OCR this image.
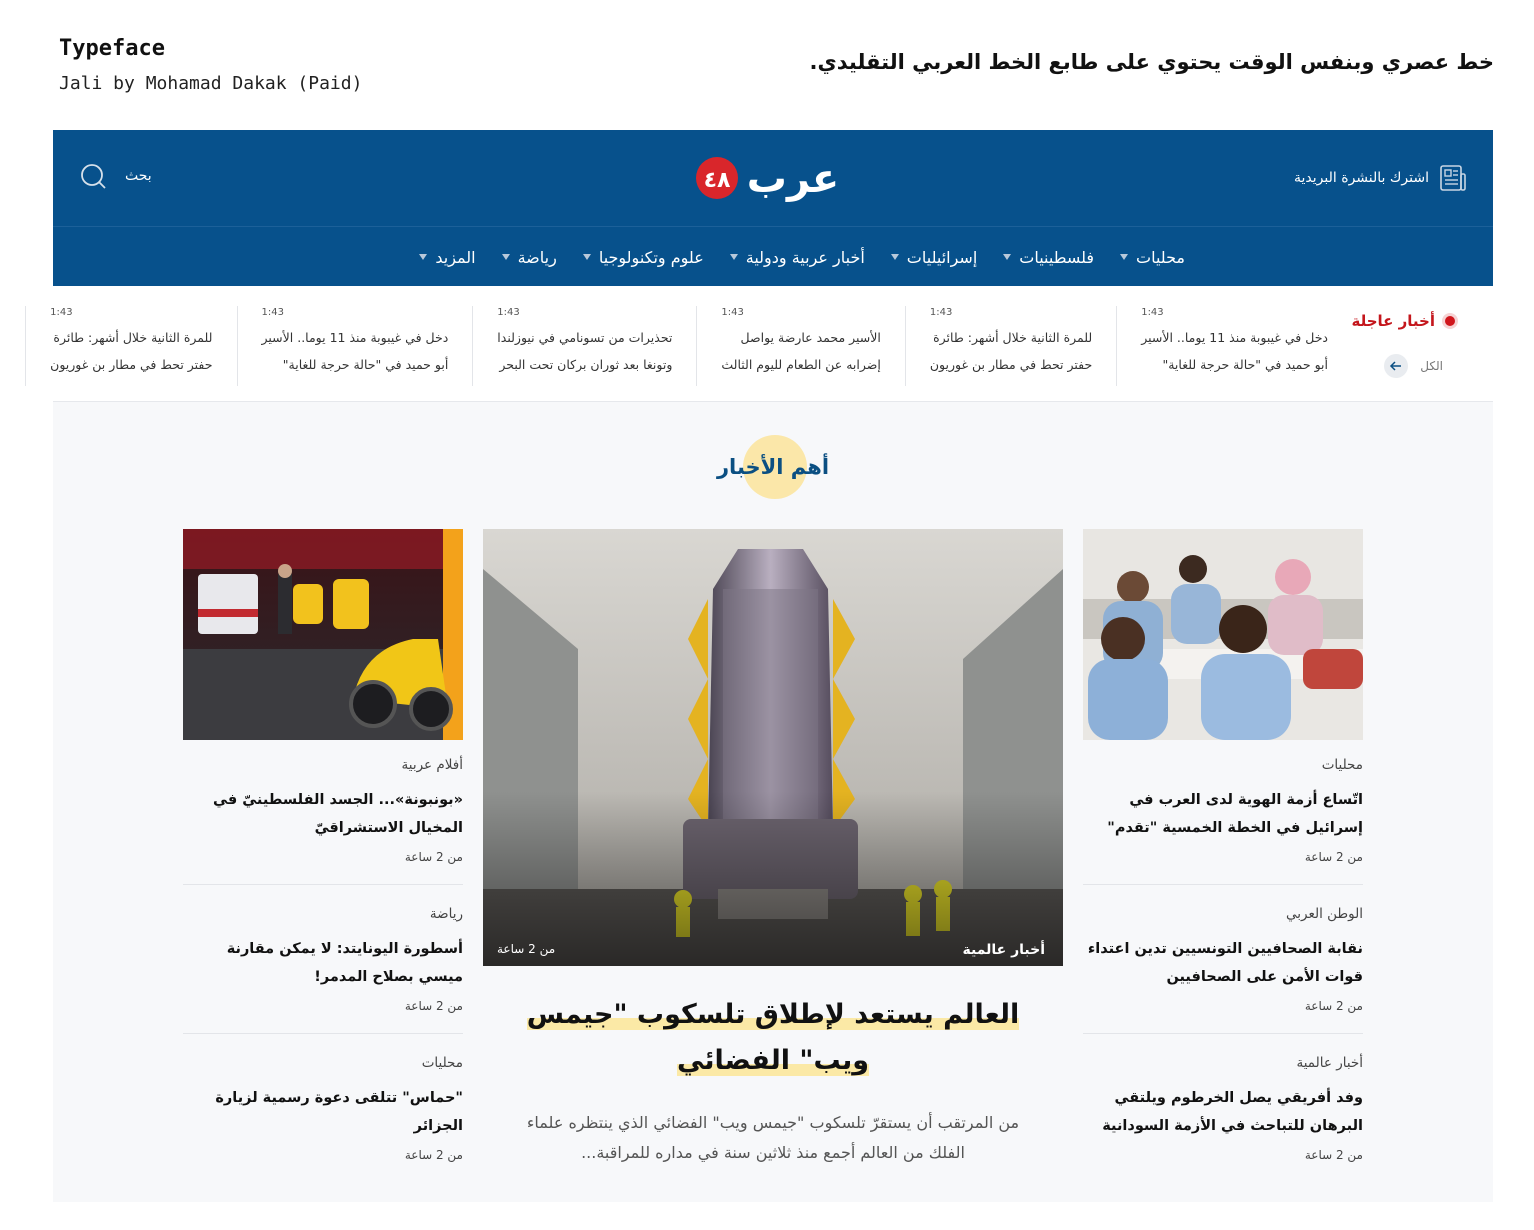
Typeface
Jali by Mohamad Dakak (Paid)
خط عصري وبنفس الوقت يحتوي على طابع الخط العربي التقليدي.
اشترك بالنشرة البريدية
٤٨ عرب
بحث
محليات
فلسطينيات
إسرائيليات
أخبار عربية ودولية
علوم وتكنولوجيا
رياضة
المزيد
أخبار عاجلة
الكل
1:43
دخل في غيبوبة منذ 11 يوما.. الأسير
أبو حميد في "حالة حرجة للغاية"
1:43
للمرة الثانية خلال أشهر: طائرة
حفتر تحط في مطار بن غوريون
1:43
الأسير محمد عارضة يواصل
إضرابه عن الطعام لليوم الثالث
1:43
تحذيرات من تسونامي في نيوزلندا
وتونغا بعد ثوران بركان تحت البحر
1:43
دخل في غيبوبة منذ 11 يوما.. الأسير
أبو حميد في "حالة حرجة للغاية"
1:43
للمرة الثانية خلال أشهر: طائرة
حفتر تحط في مطار بن غوريون
أهم الأخبار
محليات
اتّساع أزمة الهوية لدى العرب في إسرائيل في الخطة الخمسية "تقدم"
من 2 ساعة
الوطن العربي
نقابة الصحافيين التونسيين تدين اعتداء قوات الأمن على الصحافيين
من 2 ساعة
أخبار عالمية
وفد أفريقي يصل الخرطوم ويلتقي البرهان للتباحث في الأزمة السودانية
من 2 ساعة
أخبار عالمية
من 2 ساعة
العالم يستعد لإطلاق تلسكوب "جيمس ويب" الفضائي
من المرتقب أن يستقرّ تلسكوب "جيمس ويب" الفضائي الذي ينتظره علماء الفلك من العالم أجمع منذ ثلاثين سنة في مداره للمراقبة...
أفلام عربية
«بونبونة»... الجسد الفلسطينيّ في المخيال الاستشراقيّ
من 2 ساعة
رياضة
أسطورة اليونايتد: لا يمكن مقارنة ميسي بصلاح المدمر!
من 2 ساعة
محليات
"حماس" تتلقى دعوة رسمية لزيارة الجزائر
من 2 ساعة
